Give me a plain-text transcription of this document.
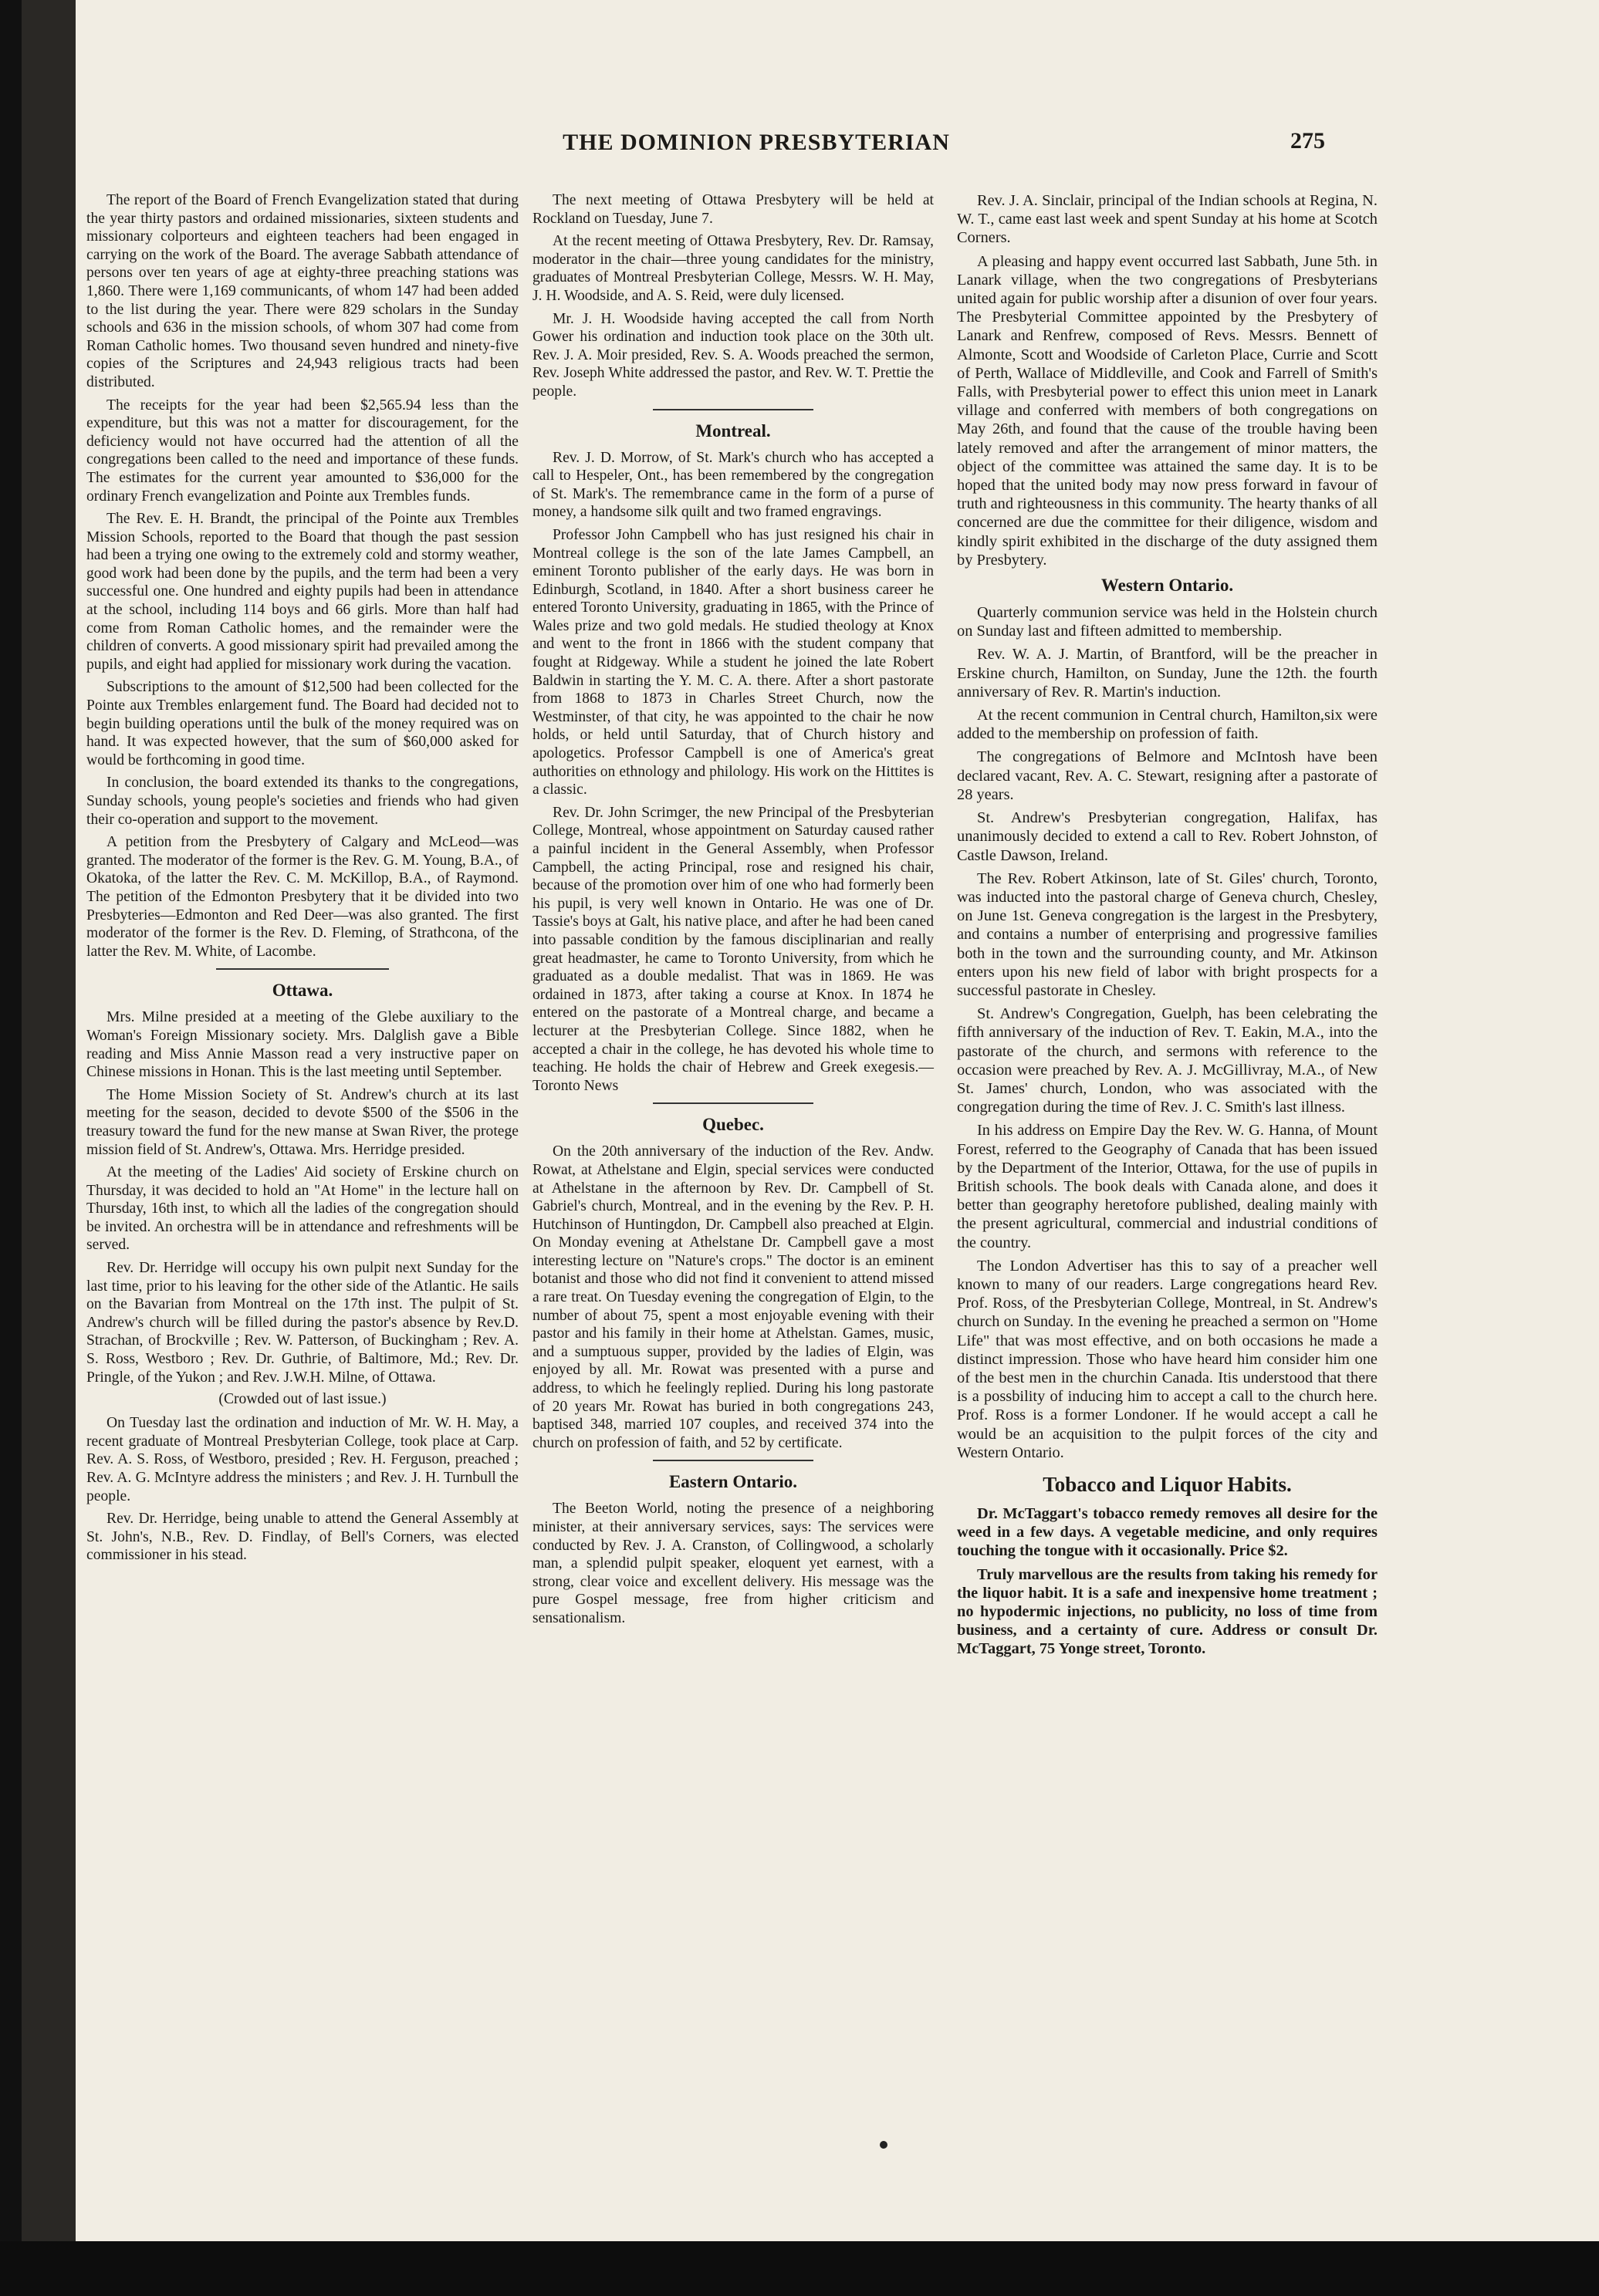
THE DOMINION PRESBYTERIAN	275

The report of the Board of French Evangelization stated that during the year thirty pastors and ordained missionaries, sixteen students and missionary colporteurs and eighteen teachers had been engaged in carrying on the work of the Board. The average Sabbath attendance of persons over ten years of age at eighty-three preaching stations was 1,860. There were 1,169 communicants, of whom 147 had been added to the list during the year. There were 829 scholars in the Sunday schools and 636 in the mission schools, of whom 307 had come from Roman Catholic homes. Two thousand seven hundred and ninety-five copies of the Scriptures and 24,943 religious tracts had been distributed.

The receipts for the year had been $2,565.94 less than the expenditure, but this was not a matter for discouragement, for the deficiency would not have occurred had the attention of all the congregations been called to the need and importance of these funds. The estimates for the current year amounted to $36,000 for the ordinary French evangelization and Pointe aux Trembles funds.

The Rev. E. H. Brandt, the principal of the Pointe aux Trembles Mission Schools, reported to the Board that though the past session had been a trying one owing to the extremely cold and stormy weather, good work had been done by the pupils, and the term had been a very successful one. One hundred and eighty pupils had been in attendance at the school, including 114 boys and 66 girls. More than half had come from Roman Catholic homes, and the remainder were the children of converts. A good missionary spirit had prevailed among the pupils, and eight had applied for missionary work during the vacation.

Subscriptions to the amount of $12,500 had been collected for the Pointe aux Trembles enlargement fund. The Board had decided not to begin building operations until the bulk of the money required was on hand. It was expected however, that the sum of $60,000 asked for would be forthcoming in good time.

In conclusion, the board extended its thanks to the congregations, Sunday schools, young people's societies and friends who had given their co-operation and support to the movement.

A petition from the Presbytery of Calgary and McLeod—was granted. The moderator of the former is the Rev. G. M. Young, B.A., of Okatoka, of the latter the Rev. C. M. McKillop, B.A., of Raymond. The petition of the Edmonton Presbytery that it be divided into two Presbyteries—Edmonton and Red Deer—was also granted. The first moderator of the former is the Rev. D. Fleming, of Strathcona, of the latter the Rev. M. White, of Lacombe.

Ottawa.

Mrs. Milne presided at a meeting of the Glebe auxiliary to the Woman's Foreign Missionary society. Mrs. Dalglish gave a Bible reading and Miss Annie Masson read a very instructive paper on Chinese missions in Honan. This is the last meeting until September.

The Home Mission Society of St. Andrew's church at its last meeting for the season, decided to devote $500 of the $506 in the treasury toward the fund for the new manse at Swan River, the protege mission field of St. Andrew's, Ottawa. Mrs. Herridge presided.

At the meeting of the Ladies' Aid society of Erskine church on Thursday, it was decided to hold an "At Home" in the lecture hall on Thursday, 16th inst, to which all the ladies of the congregation should be invited. An orchestra will be in attendance and refreshments will be served.

Rev. Dr. Herridge will occupy his own pulpit next Sunday for the last time, prior to his leaving for the other side of the Atlantic. He sails on the Bavarian from Montreal on the 17th inst. The pulpit of St. Andrew's church will be filled during the pastor's absence by Rev.D. Strachan, of Brockville ; Rev. W. Patterson, of Buckingham ; Rev. A. S. Ross, Westboro ; Rev. Dr. Guthrie, of Baltimore, Md.; Rev. Dr. Pringle, of the Yukon ; and Rev. J.W.H. Milne, of Ottawa.

(Crowded out of last issue.)

On Tuesday last the ordination and induction of Mr. W. H. May, a recent graduate of Montreal Presbyterian College, took place at Carp. Rev. A. S. Ross, of Westboro, presided ; Rev. H. Ferguson, preached ; Rev. A. G. McIntyre address the ministers ; and Rev. J. H. Turnbull the people.

Rev. Dr. Herridge, being unable to attend the General Assembly at St. John's, N.B., Rev. D. Findlay, of Bell's Corners, was elected commissioner in his stead.

The next meeting of Ottawa Presbytery will be held at Rockland on Tuesday, June 7.

At the recent meeting of Ottawa Presbytery, Rev. Dr. Ramsay, moderator in the chair—three young candidates for the ministry, graduates of Montreal Presbyterian College, Messrs. W. H. May, J. H. Woodside, and A. S. Reid, were duly licensed.

Mr. J. H. Woodside having accepted the call from North Gower his ordination and induction took place on the 30th ult. Rev. J. A. Moir presided, Rev. S. A. Woods preached the sermon, Rev. Joseph White addressed the pastor, and Rev. W. T. Prettie the people.

Montreal.

Rev. J. D. Morrow, of St. Mark's church who has accepted a call to Hespeler, Ont., has been remembered by the congregation of St. Mark's. The remembrance came in the form of a purse of money, a handsome silk quilt and two framed engravings.

Professor John Campbell who has just resigned his chair in Montreal college is the son of the late James Campbell, an eminent Toronto publisher of the early days. He was born in Edinburgh, Scotland, in 1840. After a short business career he entered Toronto University, graduating in 1865, with the Prince of Wales prize and two gold medals. He studied theology at Knox and went to the front in 1866 with the student company that fought at Ridgeway. While a student he joined the late Robert Baldwin in starting the Y. M. C. A. there. After a short pastorate from 1868 to 1873 in Charles Street Church, now the Westminster, of that city, he was appointed to the chair he now holds, or held until Saturday, that of Church history and apologetics. Professor Campbell is one of America's great authorities on ethnology and philology. His work on the Hittites is a classic.

Rev. Dr. John Scrimger, the new Principal of the Presbyterian College, Montreal, whose appointment on Saturday caused rather a painful incident in the General Assembly, when Professor Campbell, the acting Principal, rose and resigned his chair, because of the promotion over him of one who had formerly been his pupil, is very well known in Ontario. He was one of Dr. Tassie's boys at Galt, his native place, and after he had been caned into passable condition by the famous disciplinarian and really great headmaster, he came to Toronto University, from which he graduated as a double medalist. That was in 1869. He was ordained in 1873, after taking a course at Knox. In 1874 he entered on the pastorate of a Montreal charge, and became a lecturer at the Presbyterian College. Since 1882, when he accepted a chair in the college, he has devoted his whole time to teaching. He holds the chair of Hebrew and Greek exegesis.—Toronto News

Quebec.

On the 20th anniversary of the induction of the Rev. Andw. Rowat, at Athelstane and Elgin, special services were conducted at Athelstane in the afternoon by Rev. Dr. Campbell of St. Gabriel's church, Montreal, and in the evening by the Rev. P. H. Hutchinson of Huntingdon, Dr. Campbell also preached at Elgin. On Monday evening at Athelstane Dr. Campbell gave a most interesting lecture on "Nature's crops." The doctor is an eminent botanist and those who did not find it convenient to attend missed a rare treat. On Tuesday evening the congregation of Elgin, to the number of about 75, spent a most enjoyable evening with their pastor and his family in their home at Athelstan. Games, music, and a sumptuous supper, provided by the ladies of Elgin, was enjoyed by all. Mr. Rowat was presented with a purse and address, to which he feelingly replied. During his long pastorate of 20 years Mr. Rowat has buried in both congregations 243, baptised 348, married 107 couples, and received 374 into the church on profession of faith, and 52 by certificate.

Eastern Ontario.

The Beeton World, noting the presence of a neighboring minister, at their anniversary services, says: The services were conducted by Rev. J. A. Cranston, of Collingwood, a scholarly man, a splendid pulpit speaker, eloquent yet earnest, with a strong, clear voice and excellent delivery. His message was the pure Gospel message, free from higher criticism and sensationalism.

Rev. J. A. Sinclair, principal of the Indian schools at Regina, N. W. T., came east last week and spent Sunday at his home at Scotch Corners.

A pleasing and happy event occurred last Sabbath, June 5th. in Lanark village, when the two congregations of Presbyterians united again for public worship after a disunion of over four years. The Presbyterial Committee appointed by the Presbytery of Lanark and Renfrew, composed of Revs. Messrs. Bennett of Almonte, Scott and Woodside of Carleton Place, Currie and Scott of Perth, Wallace of Middleville, and Cook and Farrell of Smith's Falls, with Presbyterial power to effect this union meet in Lanark village and conferred with members of both congregations on May 26th, and found that the cause of the trouble having been lately removed and after the arrangement of minor matters, the object of the committee was attained the same day. It is to be hoped that the united body may now press forward in favour of truth and righteousness in this community. The hearty thanks of all concerned are due the committee for their diligence, wisdom and kindly spirit exhibited in the discharge of the duty assigned them by Presbytery.

Western Ontario.

Quarterly communion service was held in the Holstein church on Sunday last and fifteen admitted to membership.

Rev. W. A. J. Martin, of Brantford, will be the preacher in Erskine church, Hamilton, on Sunday, June the 12th. the fourth anniversary of Rev. R. Martin's induction.

At the recent communion in Central church, Hamilton,six were added to the membership on profession of faith.

The congregations of Belmore and McIntosh have been declared vacant, Rev. A. C. Stewart, resigning after a pastorate of 28 years.

St. Andrew's Presbyterian congregation, Halifax, has unanimously decided to extend a call to Rev. Robert Johnston, of Castle Dawson, Ireland.

The Rev. Robert Atkinson, late of St. Giles' church, Toronto, was inducted into the pastoral charge of Geneva church, Chesley, on June 1st. Geneva congregation is the largest in the Presbytery, and contains a number of enterprising and progressive families both in the town and the surrounding county, and Mr. Atkinson enters upon his new field of labor with bright prospects for a successful pastorate in Chesley.

St. Andrew's Congregation, Guelph, has been celebrating the fifth anniversary of the induction of Rev. T. Eakin, M.A., into the pastorate of the church, and sermons with reference to the occasion were preached by Rev. A. J. McGillivray, M.A., of New St. James' church, London, who was associated with the congregation during the time of Rev. J. C. Smith's last illness.

In his address on Empire Day the Rev. W. G. Hanna, of Mount Forest, referred to the Geography of Canada that has been issued by the Department of the Interior, Ottawa, for the use of pupils in British schools. The book deals with Canada alone, and does it better than geography heretofore published, dealing mainly with the present agricultural, commercial and industrial conditions of the country.

The London Advertiser has this to say of a preacher well known to many of our readers. Large congregations heard Rev. Prof. Ross, of the Presbyterian College, Montreal, in St. Andrew's church on Sunday. In the evening he preached a sermon on "Home Life" that was most effective, and on both occasions he made a distinct impression. Those who have heard him consider him one of the best men in the churchin Canada. Itis understood that there is a possbility of inducing him to accept a call to the church here. Prof. Ross is a former Londoner. If he would accept a call he would be an acquisition to the pulpit forces of the city and Western Ontario.

Tobacco and Liquor Habits.

Dr. McTaggart's tobacco remedy removes all desire for the weed in a few days. A vegetable medicine, and only requires touching the tongue with it occasionally. Price $2.

Truly marvellous are the results from taking his remedy for the liquor habit. It is a safe and inexpensive home treatment ; no hypodermic injections, no publicity, no loss of time from business, and a certainty of cure. Address or consult Dr. McTaggart, 75 Yonge street, Toronto.
